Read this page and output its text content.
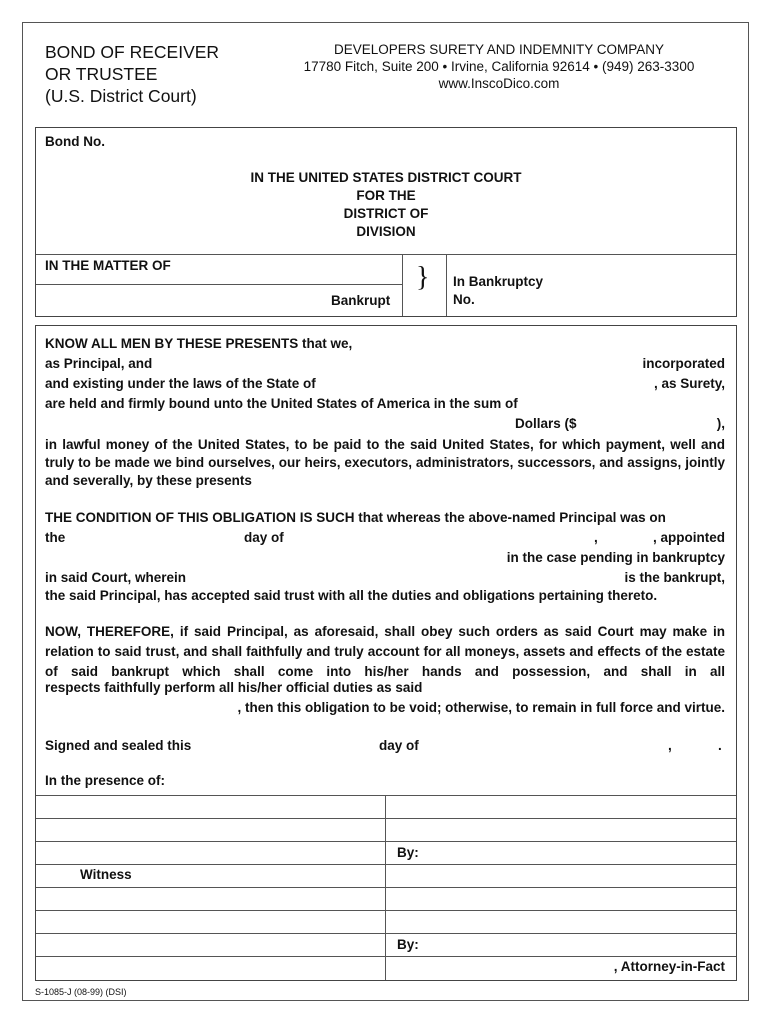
BOND OF RECEIVER
OR TRUSTEE
(U.S. District Court)
DEVELOPERS SURETY AND INDEMNITY COMPANY
17780 Fitch, Suite 200 • Irvine, California 92614 • (949) 263-3300
www.InscoDico.com
Bond No.
IN THE UNITED STATES DISTRICT COURT
FOR THE
DISTRICT OF
DIVISION
IN THE MATTER OF
Bankrupt
} In Bankruptcy
No.
KNOW ALL MEN BY THESE PRESENTS that we,
as Principal, and	incorporated
and existing under the laws of the State of	, as Surety,
are held and firmly bound unto the United States of America in the sum of
Dollars ($	),
in lawful money of the United States, to be paid to the said United States, for which payment, well and truly to be made we bind ourselves, our heirs, executors, administrators, successors, and assigns, jointly and severally, by these presents
THE CONDITION OF THIS OBLIGATION IS SUCH that whereas the above-named Principal was on
the	day of	,	, appointed
in the case pending in bankruptcy
in said Court, wherein	is the bankrupt,
the said Principal, has accepted said trust with all the duties and obligations pertaining thereto.
NOW, THEREFORE, if said Principal, as aforesaid, shall obey such orders as said Court may make in relation to said trust, and shall faithfully and truly account for all moneys, assets and effects of the estate of said bankrupt which shall come into his/her hands and possession, and shall in all
respects faithfully perform all his/her official duties as said
, then this obligation to be void; otherwise, to remain in full force and virtue.
Signed and sealed this	day of	,	.
In the presence of:
By:
Witness
By:
, Attorney-in-Fact
S-1085-J (08-99) (DSI)
